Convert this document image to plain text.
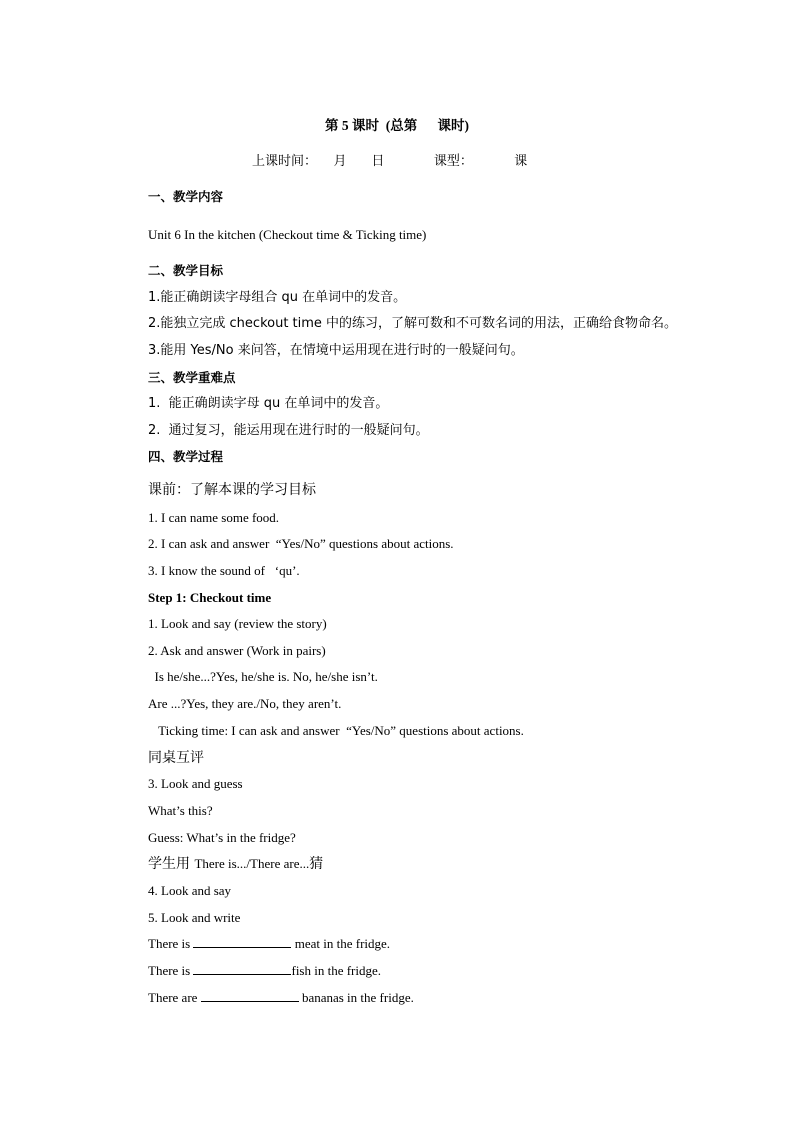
第 5 课时  (总第      课时)
上课时间：    月      日            课型：          课
一、教学内容
Unit 6 In the kitchen (Checkout time & Ticking time)
二、教学目标
1.能正确朗读字母组合 qu 在单词中的发音。
2.能独立完成 checkout time 中的练习，了解可数和不可数名词的用法，正确给食物命名。
3.能用 Yes/No 来问答，在情境中运用现在进行时的一般疑问句。
三、教学重难点
1.  能正确朗读字母 qu 在单词中的发音。
2.  通过复习，能运用现在进行时的一般疑问句。
四、教学过程
课前：了解本课的学习目标
1. I can name some food.
2. I can ask and answer  “Yes/No” questions about actions.
3. I know the sound of   ‘qu’.
Step 1: Checkout time
1. Look and say (review the story)
2. Ask and answer (Work in pairs)
Is he/she...?Yes, he/she is. No, he/she isn’t.
Are ...?Yes, they are./No, they aren’t.
Ticking time: I can ask and answer  “Yes/No” questions about actions.
同桌互评
3. Look and guess
What’s this?
Guess: What’s in the fridge?
学生用 There is.../There are...猜
4. Look and say
5. Look and write
There is	meat in the fridge.
There is	fish in the fridge.
There are	bananas in the fridge.
